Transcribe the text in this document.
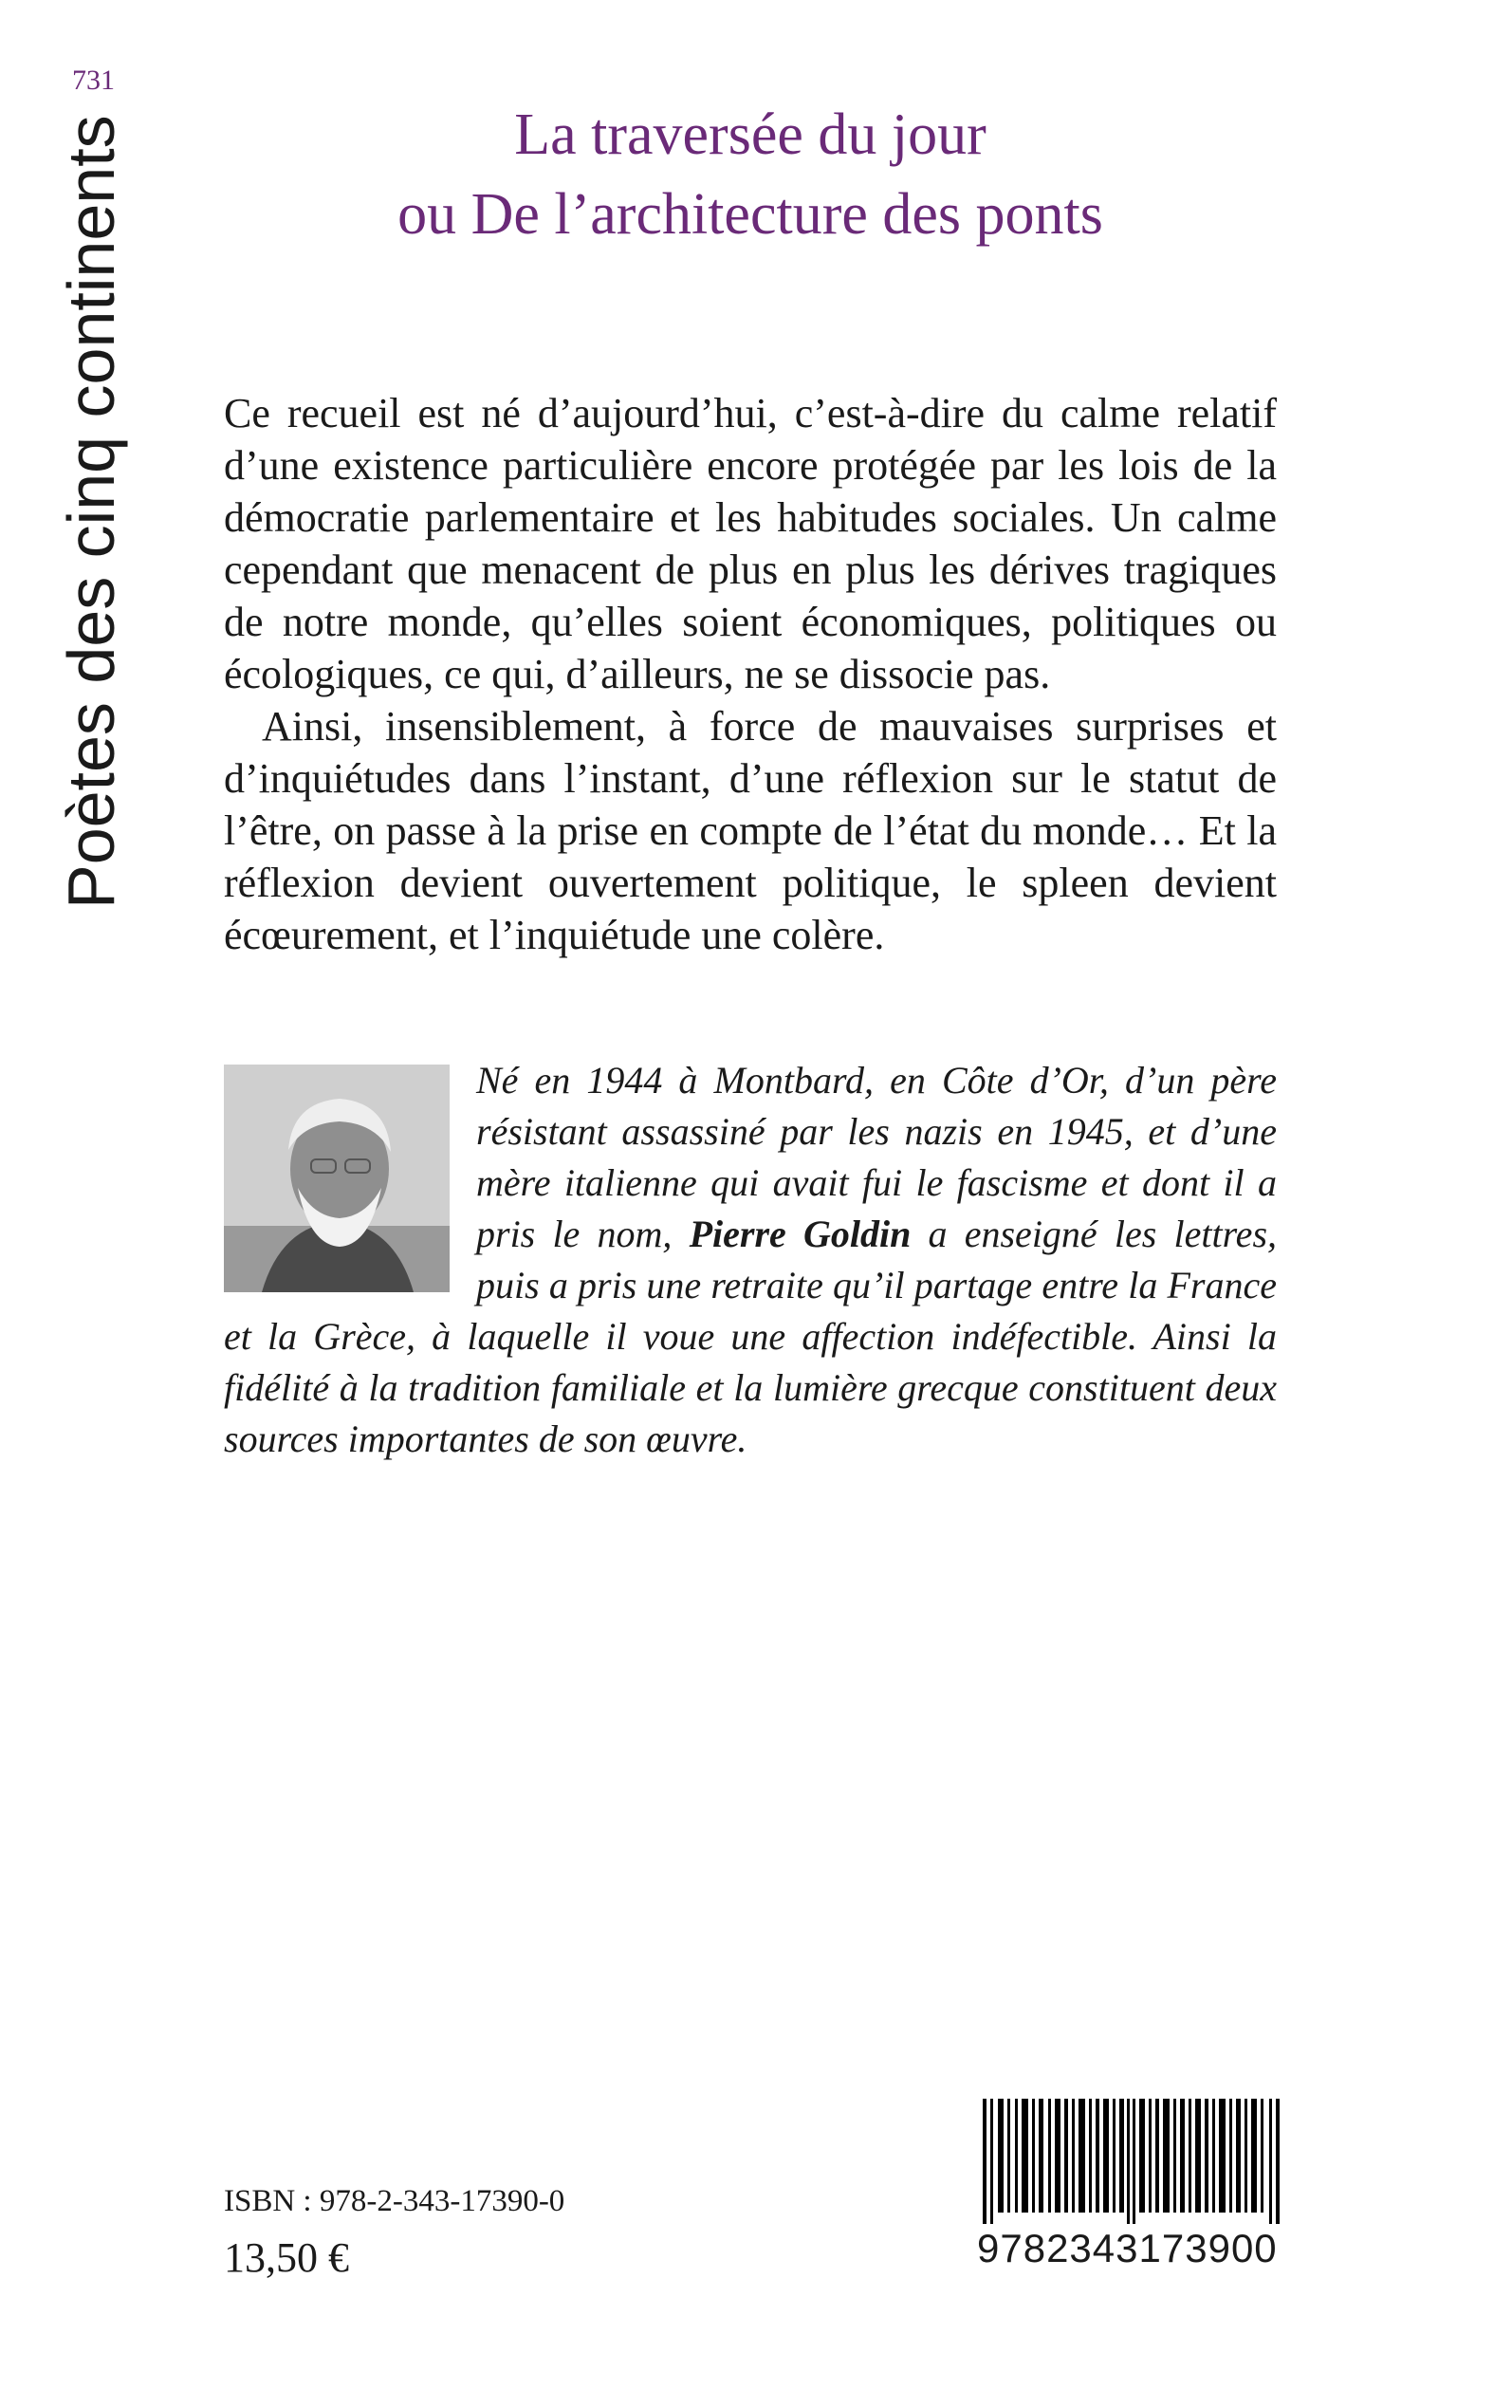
731
Poètes des cinq continents	La traversée du jour
ou De l’architecture des ponts

Ce recueil est né d’aujourd’hui, c’est-à-dire du calme relatif d’une existence particulière encore protégée par les lois de la démocratie parlementaire et les habitudes sociales. Un calme cependant que menacent de plus en plus les dérives tragiques de notre monde, qu’elles soient économiques, politiques ou écologiques, ce qui, d’ailleurs, ne se dissocie pas.

Ainsi, insensiblement, à force de mauvaises surprises et d’inquiétudes dans l’instant, d’une réflexion sur le statut de l’être, on passe à la prise en compte de l’état du monde… Et la réflexion devient ouvertement politique, le spleen devient écœurement, et l’inquiétude une colère.

Né en 1944 à Montbard, en Côte d’Or, d’un père résistant assassiné par les nazis en 1945, et d’une mère italienne qui avait fui le fascisme et dont il a pris le nom, Pierre Goldin a enseigné les lettres, puis a pris une retraite qu’il partage entre la France et la Grèce, à laquelle il voue une affection indéfectible. Ainsi la fidélité à la tradition familiale et la lumière grecque constituent deux sources importantes de son œuvre.

ISBN : 978-2-343-17390-0
13,50 €	9782343173900
